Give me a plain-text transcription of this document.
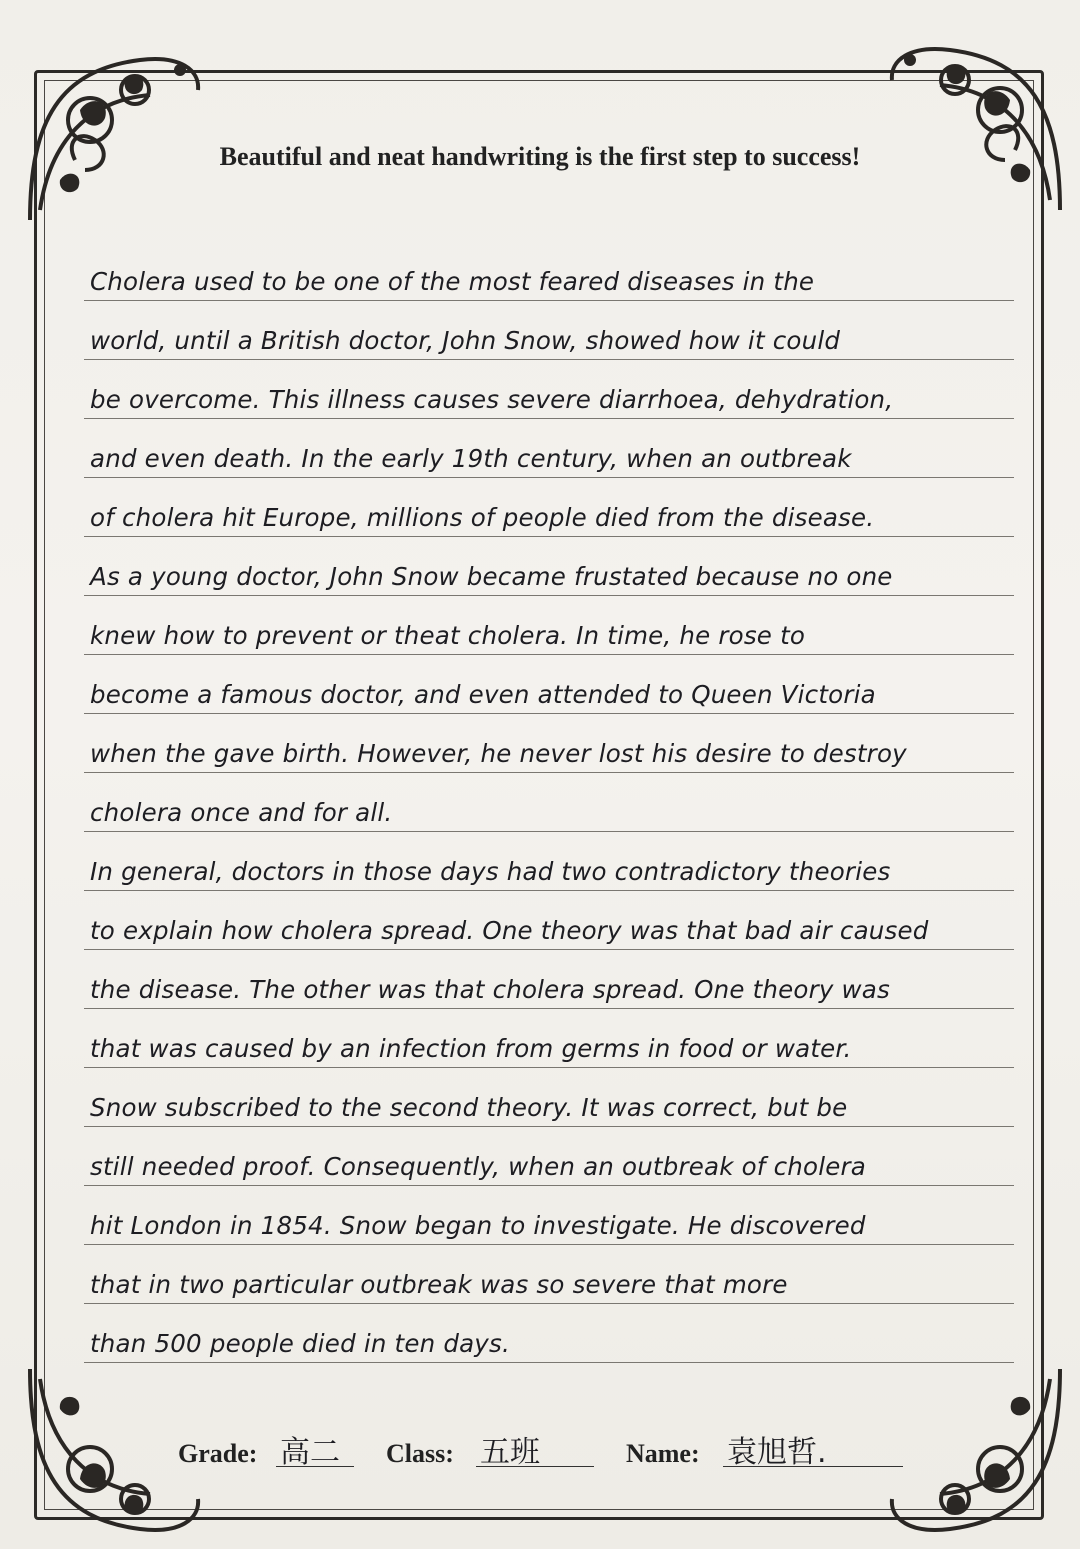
Beautiful and neat handwriting is the first step to success!
Cholera used to be one of the most feared diseases in the
world, until a British doctor, John Snow, showed how it could
be overcome. This illness causes severe diarrhoea, dehydration,
and even death. In the early 19th century, when an outbreak
of cholera hit Europe, millions of people died from the disease.
As a young doctor, John Snow became frustated because no one
knew how to prevent or theat cholera. In time, he rose to
become a famous doctor, and even attended to Queen Victoria
when the gave birth. However, he never lost his desire to destroy
cholera once and for all.
In general, doctors in those days had two contradictory theories
to explain how cholera spread. One theory was that bad air caused
the disease. The other was that cholera spread. One theory was
that was caused by an infection from germs in food or water.
Snow subscribed to the second theory. It was correct, but be
still needed proof. Consequently, when an outbreak of cholera
hit London in 1854. Snow began to investigate. He discovered
that in two particular outbreak was so severe that more
than 500 people died in ten days.
Grade: 高二	Class: 五班	Name: 袁旭哲.
